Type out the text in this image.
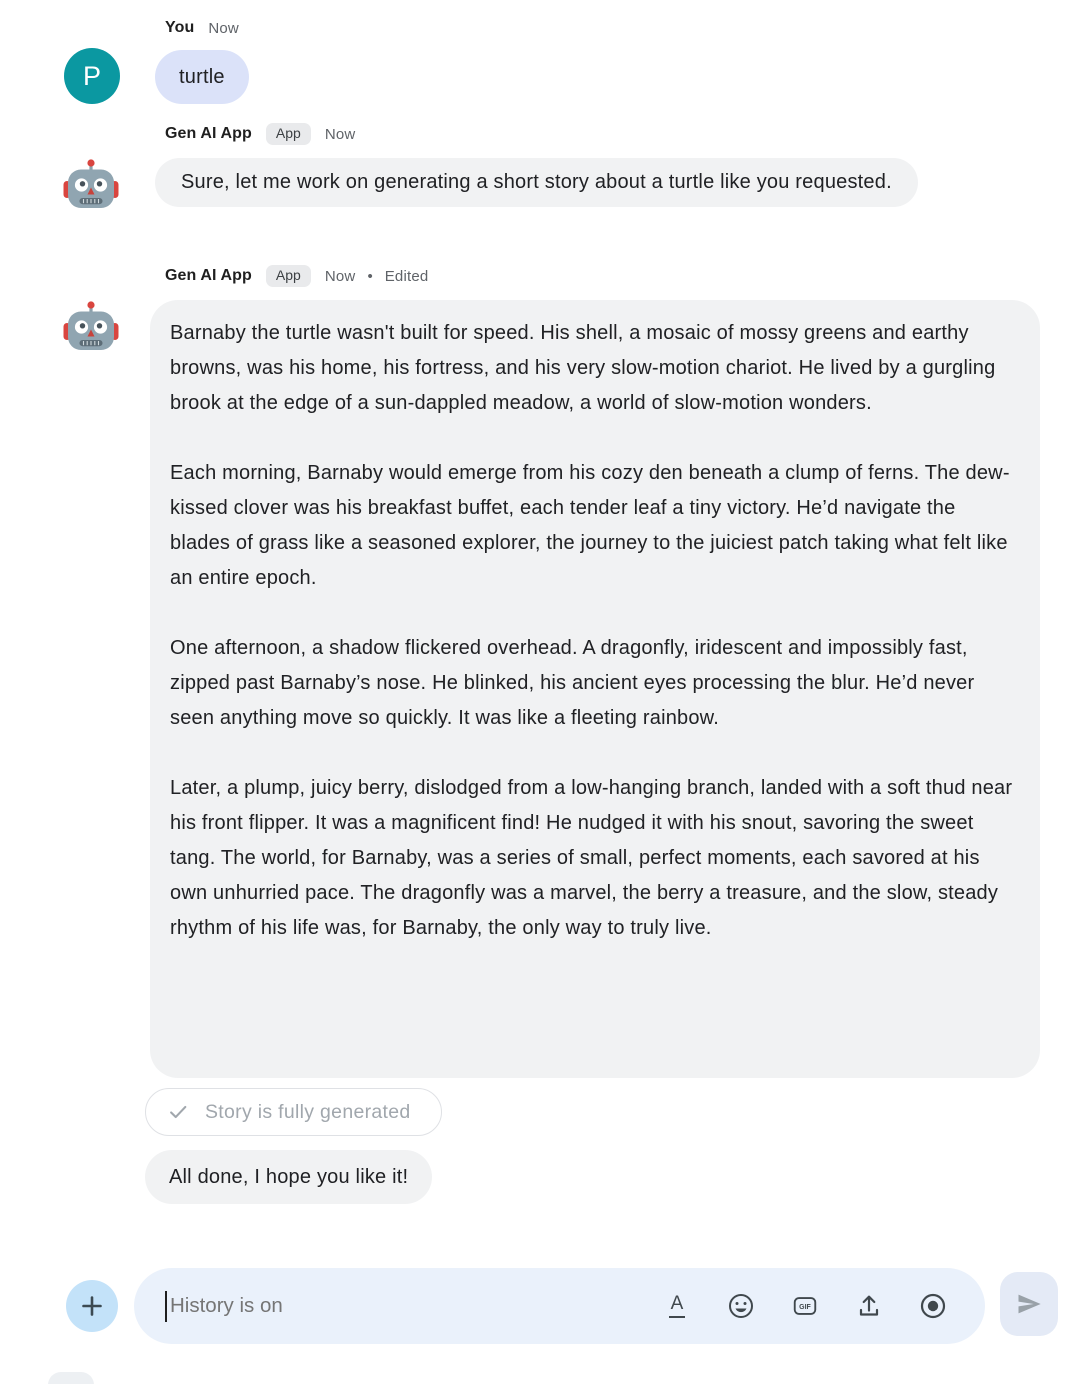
You Now
P	turtle
Gen AI App	App	Now

Sure, let me work on generating a short story about a turtle like you requested.

Gen AI App	App	Now • Edited

Barnaby the turtle wasn't built for speed. His shell, a mosaic of mossy greens and earthy browns, was his home, his fortress, and his very slow-motion chariot. He lived by a gurgling brook at the edge of a sun-dappled meadow, a world of slow-motion wonders.

Each morning, Barnaby would emerge from his cozy den beneath a clump of ferns. The dew-kissed clover was his breakfast buffet, each tender leaf a tiny victory. He’d navigate the blades of grass like a seasoned explorer, the journey to the juiciest patch taking what felt like an entire epoch.

One afternoon, a shadow flickered overhead. A dragonfly, iridescent and impossibly fast, zipped past Barnaby’s nose. He blinked, his ancient eyes processing the blur. He’d never seen anything move so quickly. It was like a fleeting rainbow.

Later, a plump, juicy berry, dislodged from a low-hanging branch, landed with a soft thud near his front flipper. It was a magnificent find! He nudged it with his snout, savoring the sweet tang. The world, for Barnaby, was a series of small, perfect moments, each savored at his own unhurried pace. The dragonfly was a marvel, the berry a treasure, and the slow, steady rhythm of his life was, for Barnaby, the only way to truly live.

Story is fully generated
All done, I hope you like it!
History is on
A	GIF
